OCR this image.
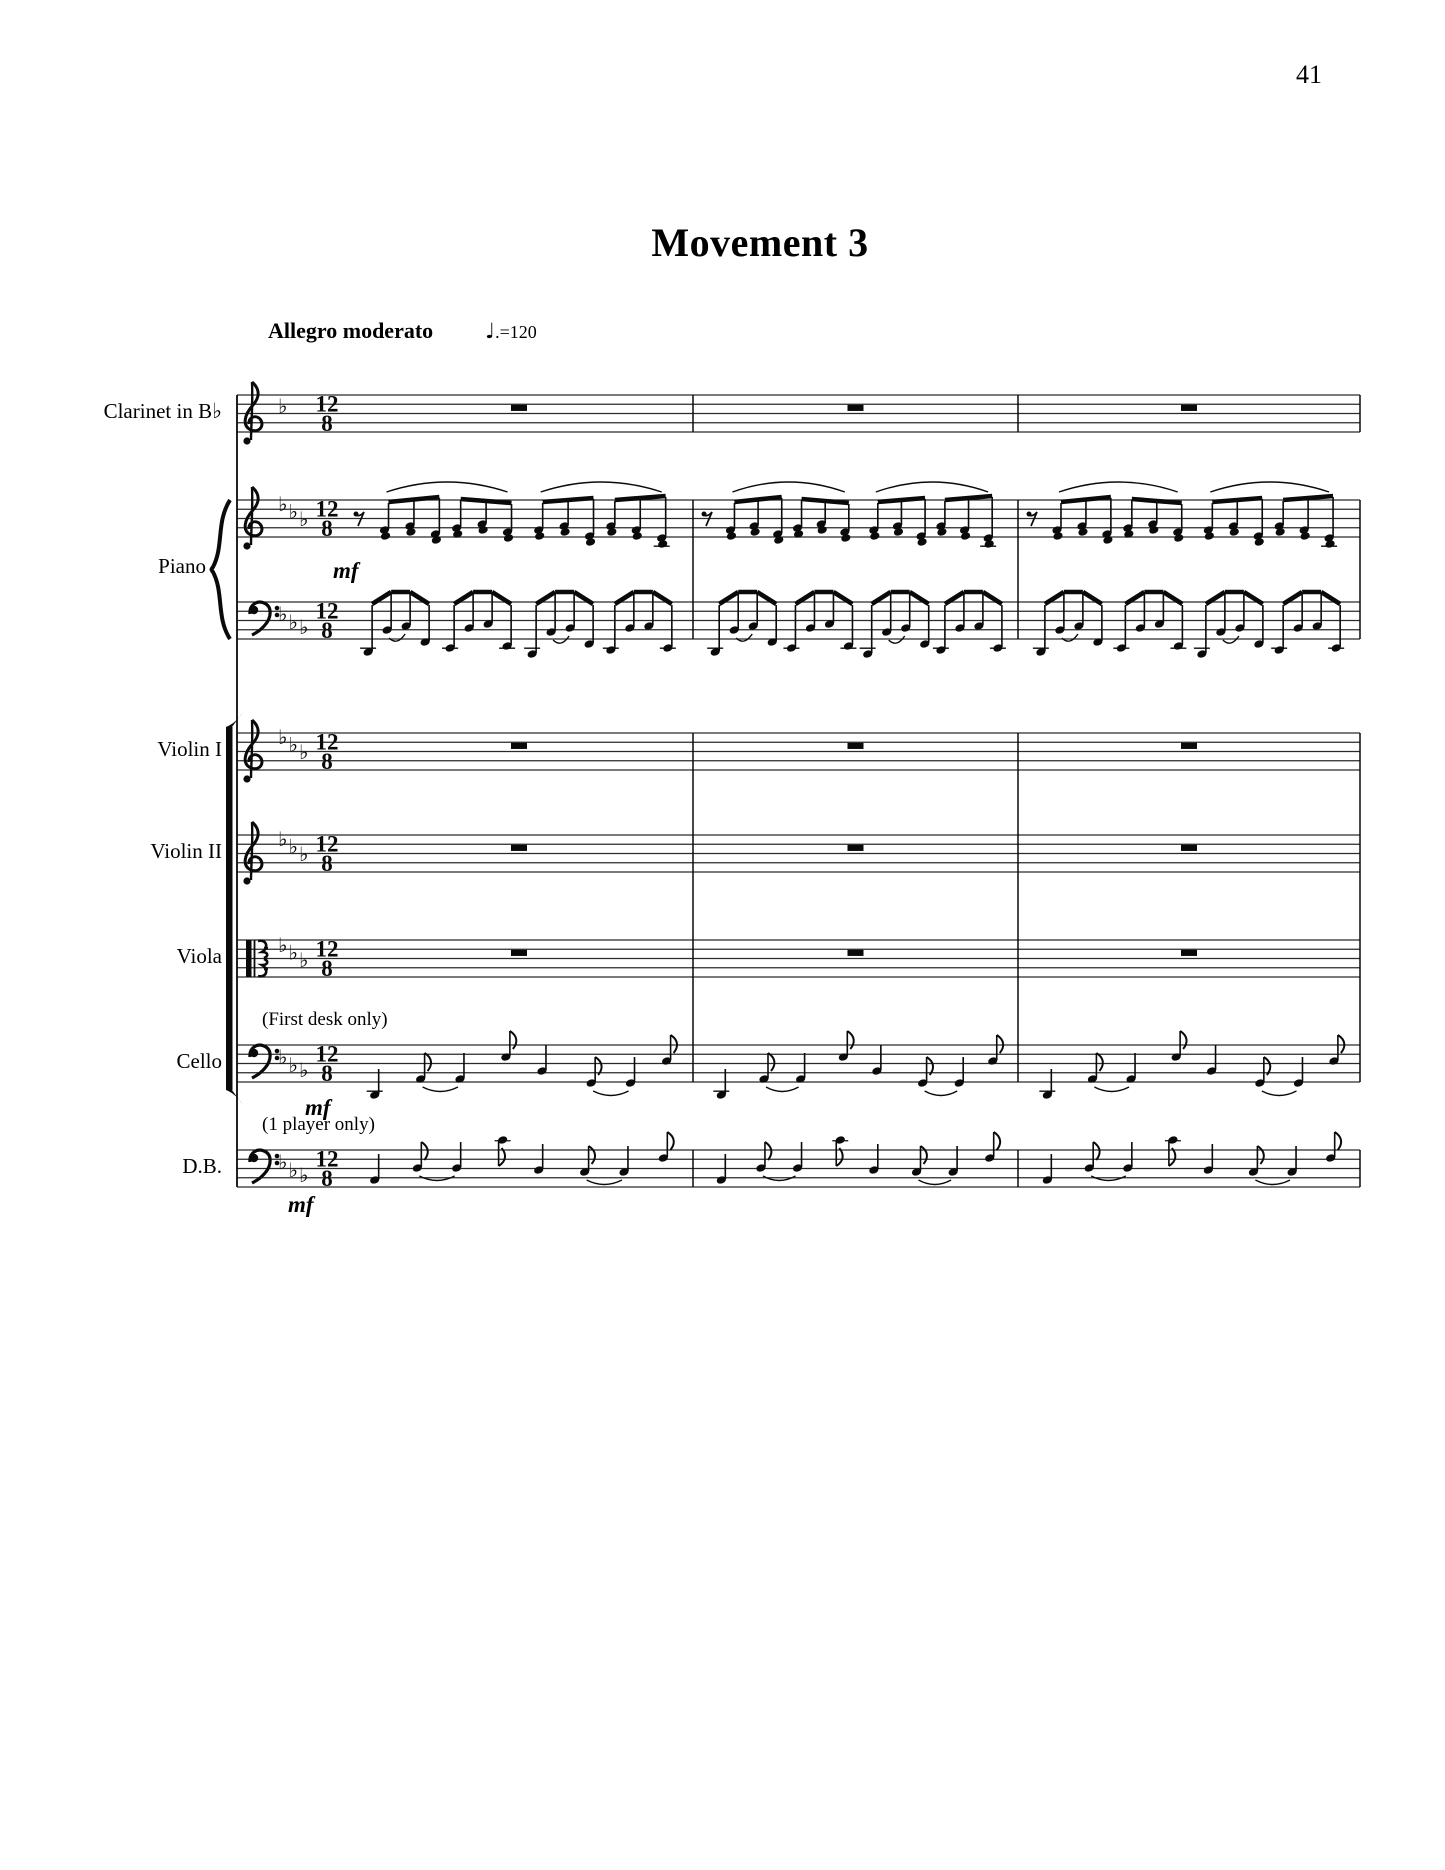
41
Movement 3
Allegro moderato ♩ .=120
♭ 12
8
♭ ♭ ♭ 12
8
♭ ♭ ♭
12
8
♭ ♭ ♭ 12
8
♭ ♭ ♭ 12
8
♭ ♭ ♭ 12
8
♭ ♭ ♭
12
8
♭ ♭ ♭
12
8
Clarinet in B♭
mf
Violin I
Violin II
Viola
Cello
(First desk only)
mf
D.B.
(1 player only)
mf
Piano
